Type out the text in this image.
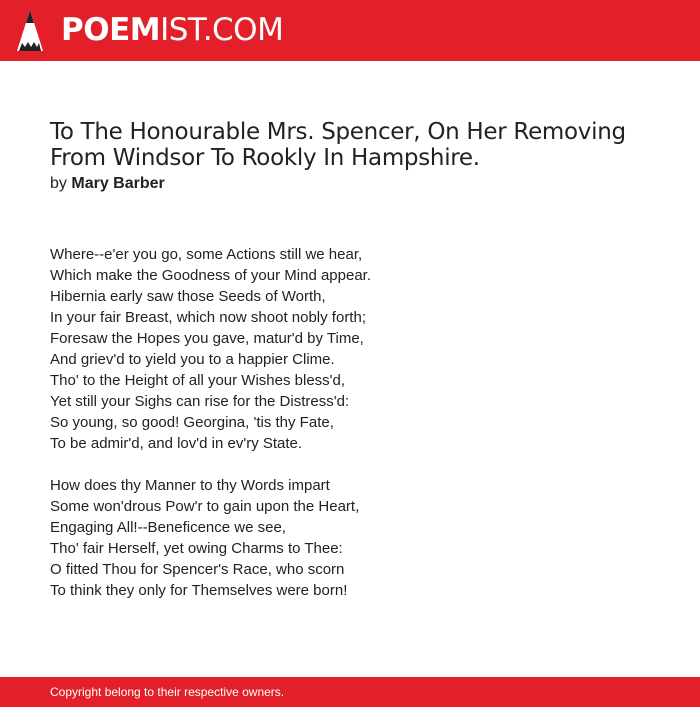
POEMIST.COM
To The Honourable Mrs. Spencer, On Her Removing From Windsor To Rookly In Hampshire.
by Mary Barber
Where--e'er you go, some Actions still we hear,
Which make the Goodness of your Mind appear.
Hibernia early saw those Seeds of Worth,
In your fair Breast, which now shoot nobly forth;
Foresaw the Hopes you gave, matur'd by Time,
And griev'd to yield you to a happier Clime.
Tho' to the Height of all your Wishes bless'd,
Yet still your Sighs can rise for the Distress'd:
So young, so good! Georgina, 'tis thy Fate,
To be admir'd, and lov'd in ev'ry State.
How does thy Manner to thy Words impart
Some won'drous Pow'r to gain upon the Heart,
Engaging All!--Beneficence we see,
Tho' fair Herself, yet owing Charms to Thee:
O fitted Thou for Spencer's Race, who scorn
To think they only for Themselves were born!
Copyright belong to their respective owners.
